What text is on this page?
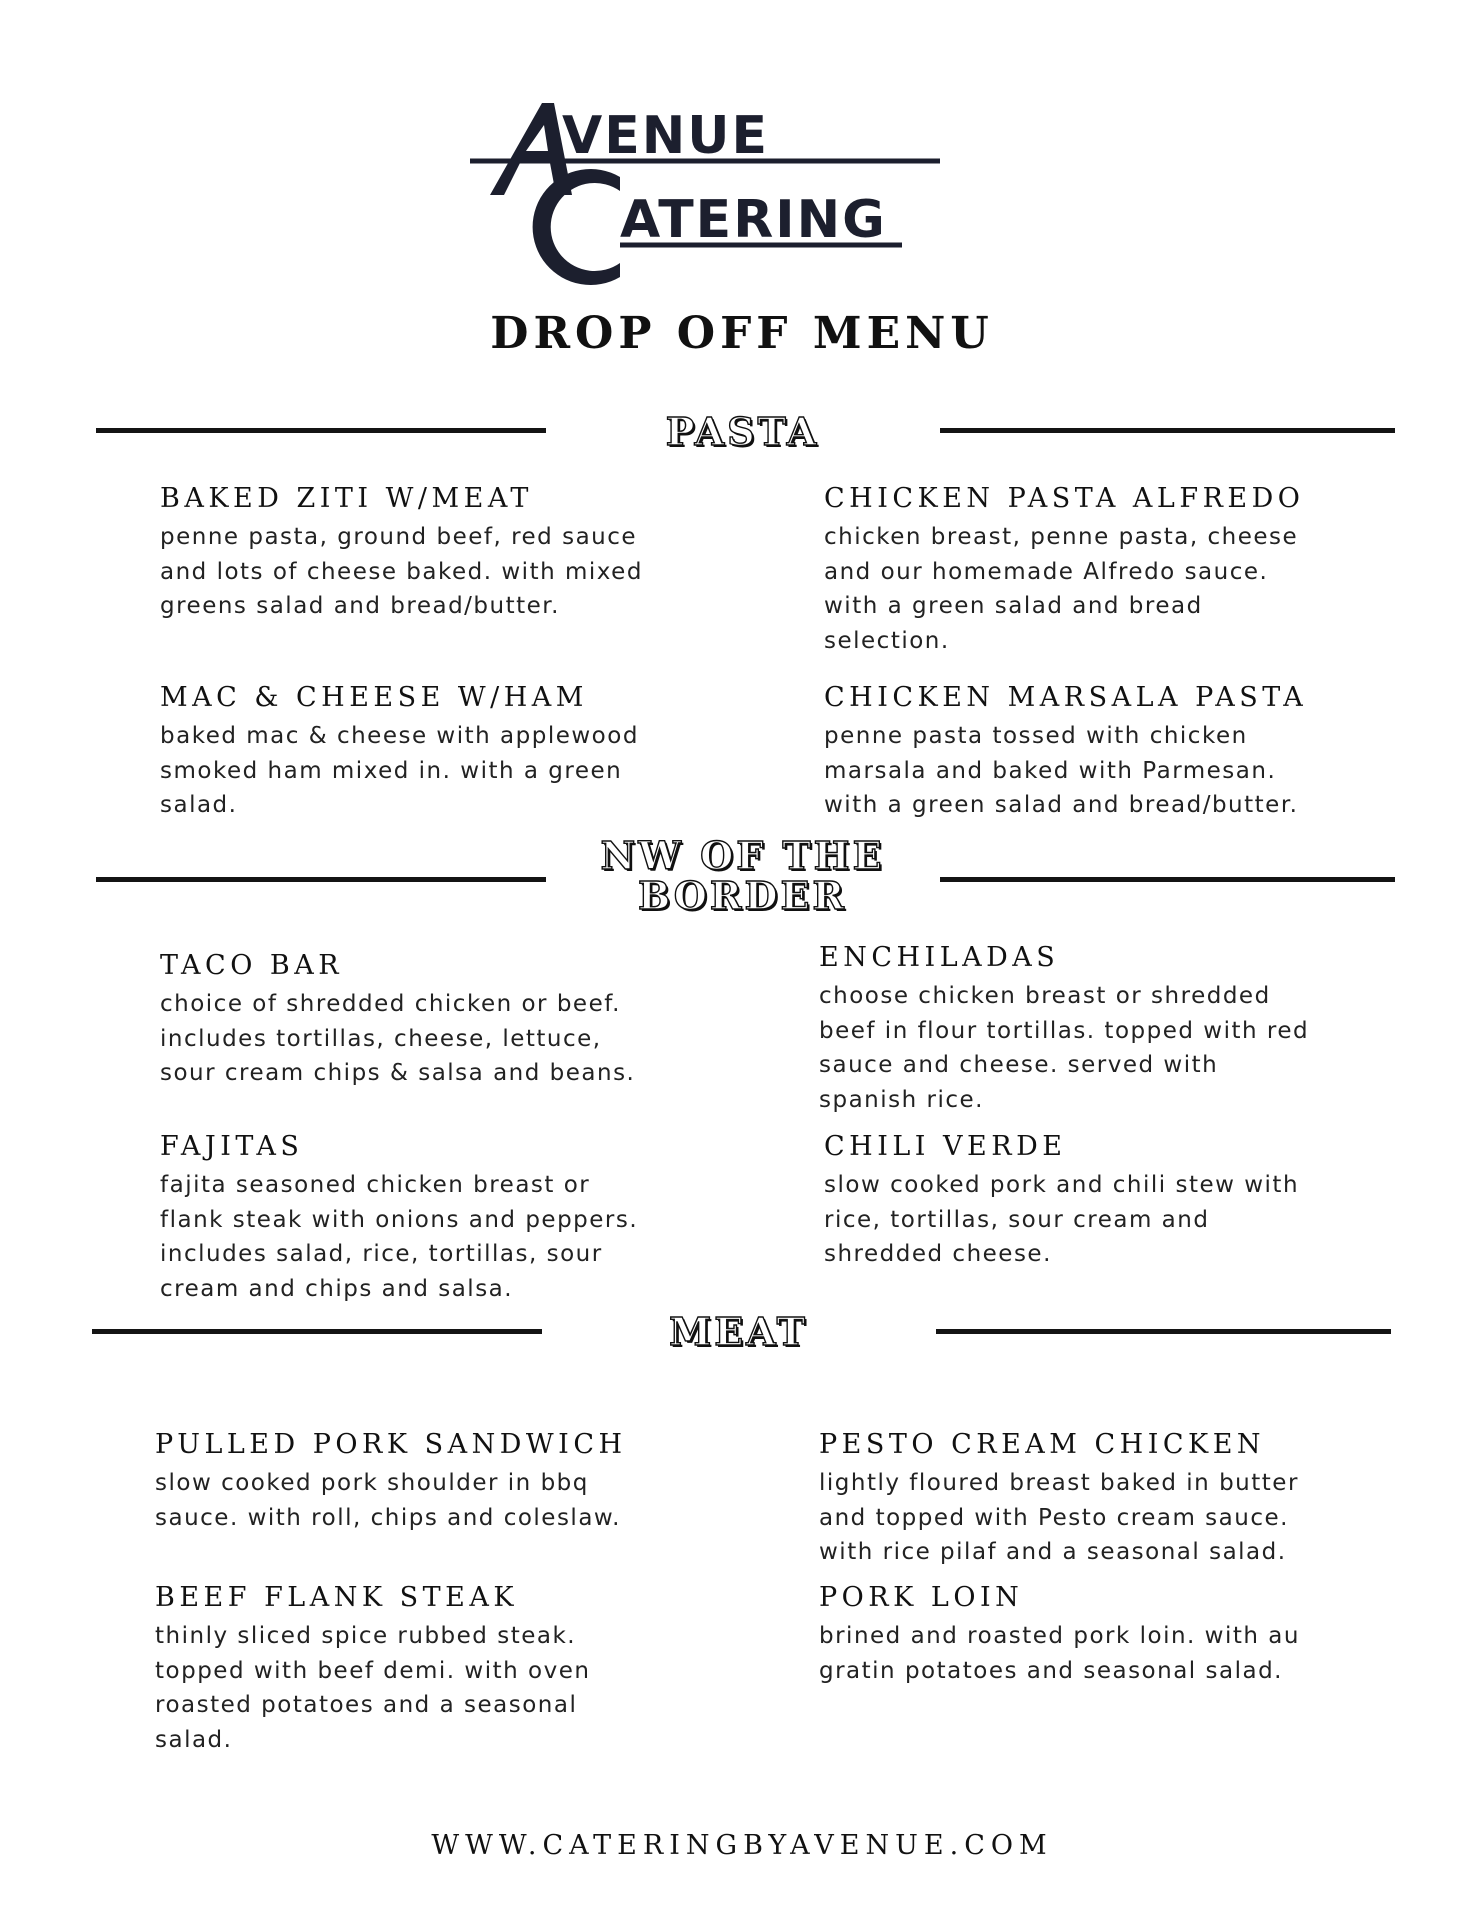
VENUE
ATERING
DROP OFF MENU
PASTA
BAKED ZITI W/MEAT
penne pasta, ground beef, red sauce
and lots of cheese baked. with mixed
greens salad and bread/butter.
CHICKEN PASTA ALFREDO
chicken breast, penne pasta, cheese
and our homemade Alfredo sauce.
with a green salad and bread
selection.
MAC & CHEESE W/HAM
baked mac & cheese with applewood
smoked ham mixed in. with a green
salad.
CHICKEN MARSALA PASTA
penne pasta tossed with chicken
marsala and baked with Parmesan.
with a green salad and bread/butter.
NW OF THE
BORDER
TACO BAR
choice of shredded chicken or beef.
includes tortillas, cheese, lettuce,
sour cream chips & salsa and beans.
ENCHILADAS
choose chicken breast or shredded
beef in flour tortillas. topped with red
sauce and cheese. served with
spanish rice.
FAJITAS
fajita seasoned chicken breast or
flank steak with onions and peppers.
includes salad, rice, tortillas, sour
cream and chips and salsa.
CHILI VERDE
slow cooked pork and chili stew with
rice, tortillas, sour cream and
shredded cheese.
MEAT
PULLED PORK SANDWICH
slow cooked pork shoulder in bbq
sauce. with roll, chips and coleslaw.
PESTO CREAM CHICKEN
lightly floured breast baked in butter
and topped with Pesto cream sauce.
with rice pilaf and a seasonal salad.
BEEF FLANK STEAK
thinly sliced spice rubbed steak.
topped with beef demi. with oven
roasted potatoes and a seasonal
salad.
PORK LOIN
brined and roasted pork loin. with au
gratin potatoes and seasonal salad.
WWW.CATERINGBYAVENUE.COM
